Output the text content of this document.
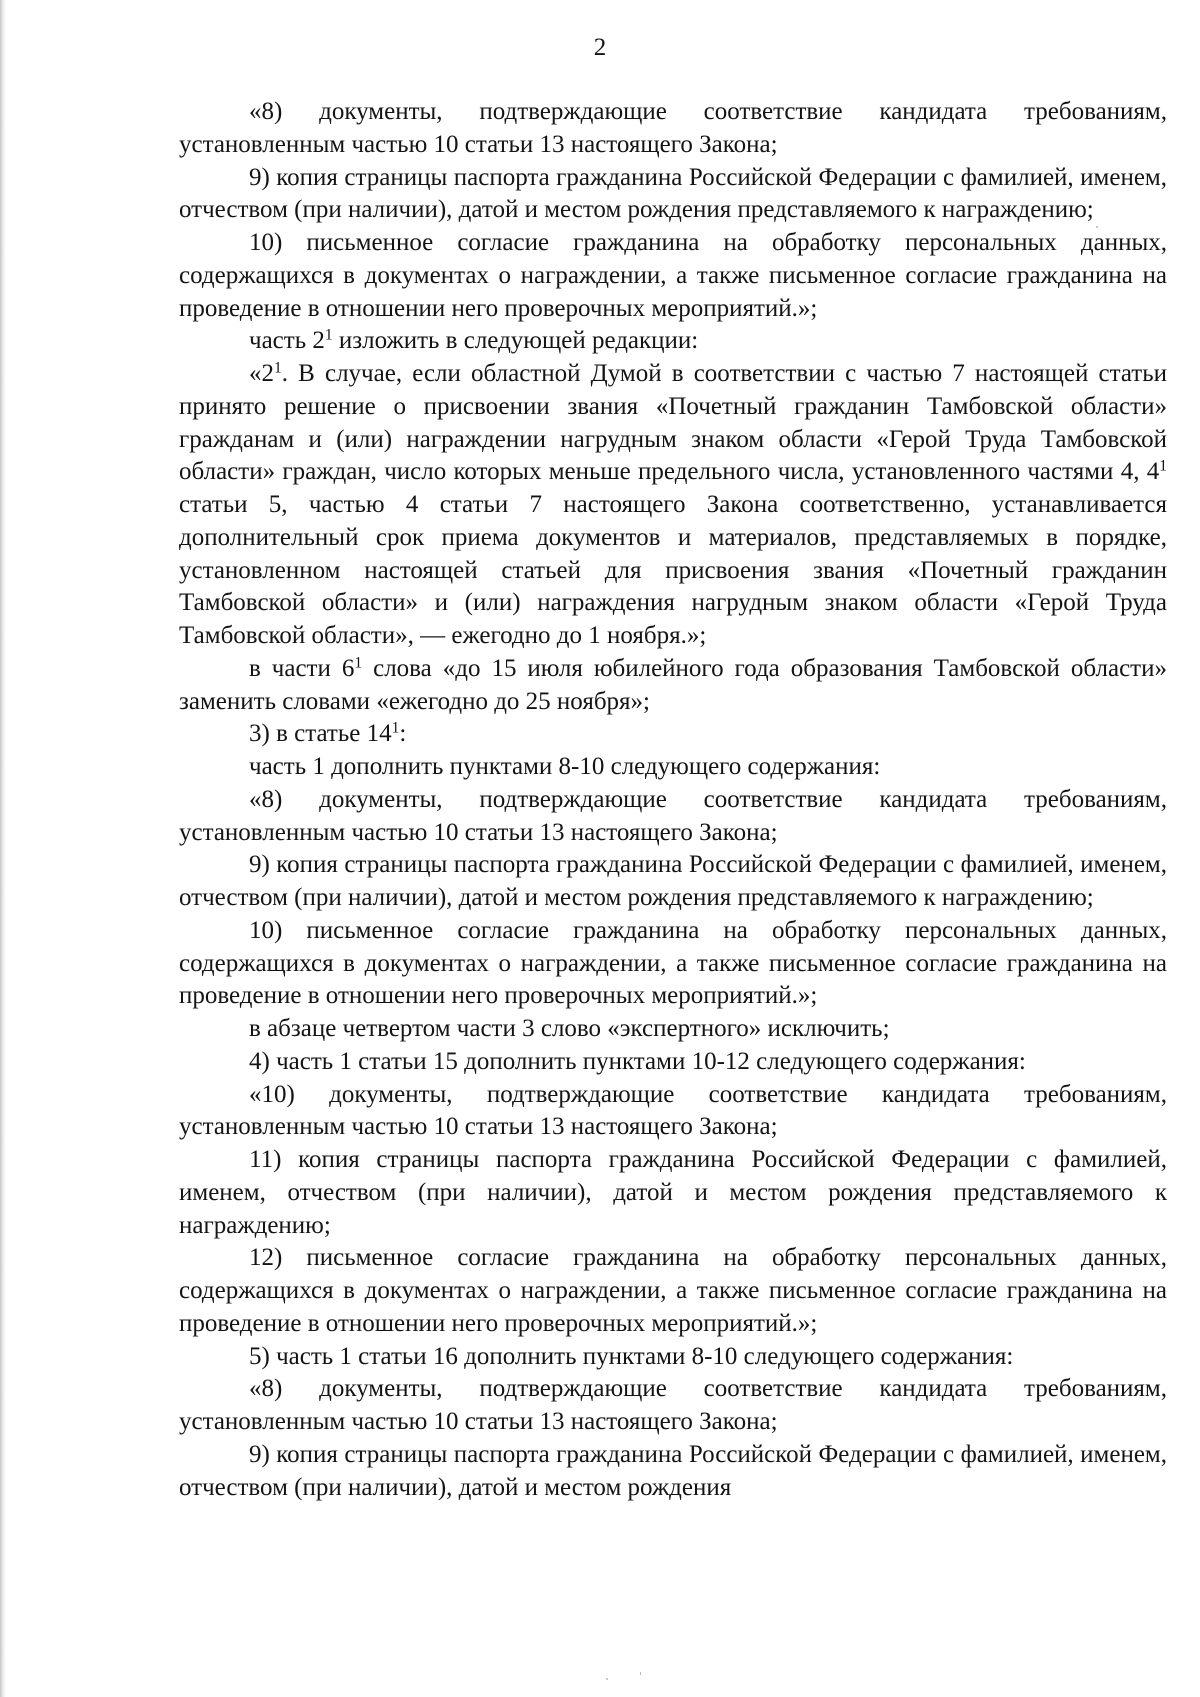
2

«8) документы, подтверждающие соответствие кандидата требованиям, установленным частью 10 статьи 13 настоящего Закона;

9) копия страницы паспорта гражданина Российской Федерации с фамилией, именем, отчеством (при наличии), датой и местом рождения представляемого к награждению;

10) письменное согласие гражданина на обработку персональных данных, содержащихся в документах о награждении, а также письменное согласие гражданина на проведение в отношении него проверочных мероприятий.»;

часть $2^1$ изложить в следующей редакции:

«$2^1$. В случае, если областной Думой в соответствии с частью 7 настоящей статьи принято решение о присвоении звания «Почетный гражданин Тамбовской области» гражданам и (или) награждении нагрудным знаком области «Герой Труда Тамбовской области» граждан, число которых меньше предельного числа, установленного частями 4, $4^1$ статьи 5, частью 4 статьи 7 настоящего Закона соответственно, устанавливается дополнительный срок приема документов и материалов, представляемых в порядке, установленном настоящей статьей для присвоения звания «Почетный гражданин Тамбовской области» и (или) награждения нагрудным знаком области «Герой Труда Тамбовской области», — ежегодно до 1 ноября.»;

в части $6^1$ слова «до 15 июля юбилейного года образования Тамбовской области» заменить словами «ежегодно до 25 ноября»;

3) в статье $14^1$:

часть 1 дополнить пунктами 8-10 следующего содержания:

«8) документы, подтверждающие соответствие кандидата требованиям, установленным частью 10 статьи 13 настоящего Закона;

9) копия страницы паспорта гражданина Российской Федерации с фамилией, именем, отчеством (при наличии), датой и местом рождения представляемого к награждению;

10) письменное согласие гражданина на обработку персональных данных, содержащихся в документах о награждении, а также письменное согласие гражданина на проведение в отношении него проверочных мероприятий.»;

в абзаце четвертом части 3 слово «экспертного» исключить;

4) часть 1 статьи 15 дополнить пунктами 10-12 следующего содержания:

«10) документы, подтверждающие соответствие кандидата требованиям, установленным частью 10 статьи 13 настоящего Закона;

11) копия страницы паспорта гражданина Российской Федерации с фамилией, именем, отчеством (при наличии), датой и местом рождения представляемого к награждению;

12) письменное согласие гражданина на обработку персональных данных, содержащихся в документах о награждении, а также письменное согласие гражданина на проведение в отношении него проверочных мероприятий.»;

5) часть 1 статьи 16 дополнить пунктами 8-10 следующего содержания:

«8) документы, подтверждающие соответствие кандидата требованиям, установленным частью 10 статьи 13 настоящего Закона;

9) копия страницы паспорта гражданина Российской Федерации с фамилией, именем, отчеством (при наличии), датой и местом рождения
